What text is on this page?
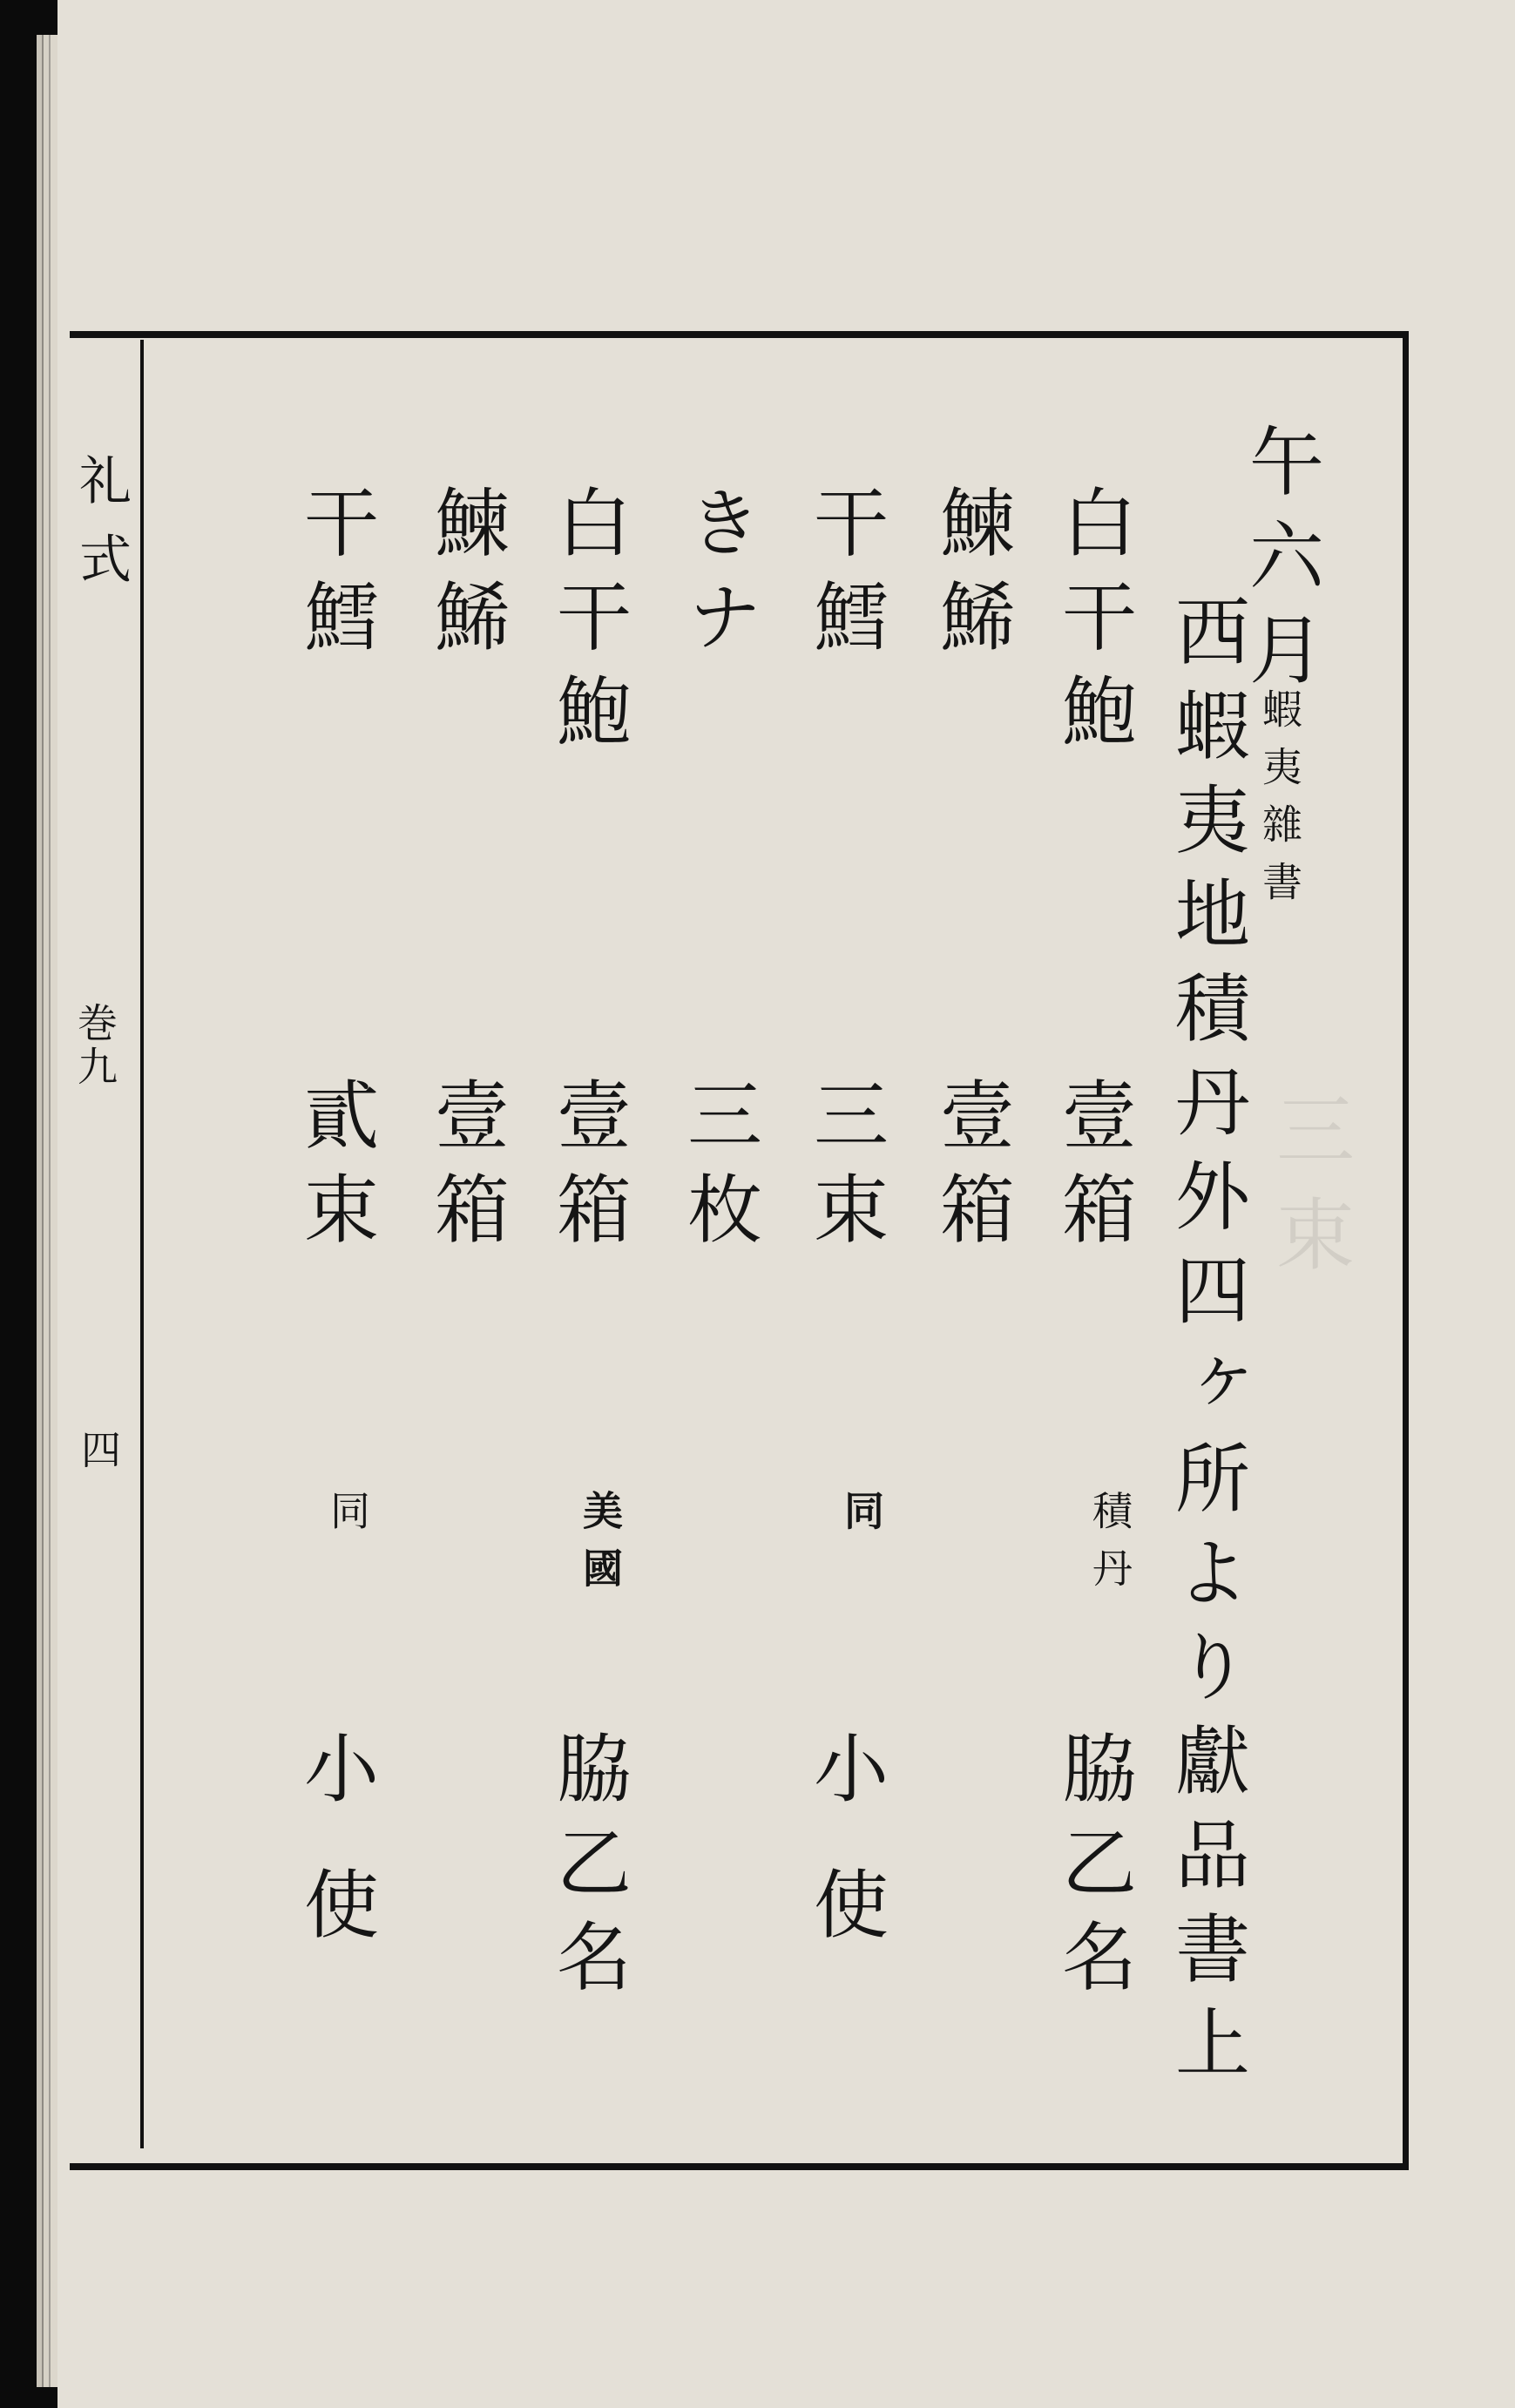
三束
午六月
蝦夷雜書
西蝦夷地積丹外四ヶ所より獻品書上
白干鮑
壹箱
積丹
脇乙名
鰊鯑
壹箱
干鱈
三束
同
小使
きナ
三枚
白干鮑
壹箱
美國
脇乙名
鰊鯑
壹箱
干鱈
貳束
同
小使
礼式
巻九
四
